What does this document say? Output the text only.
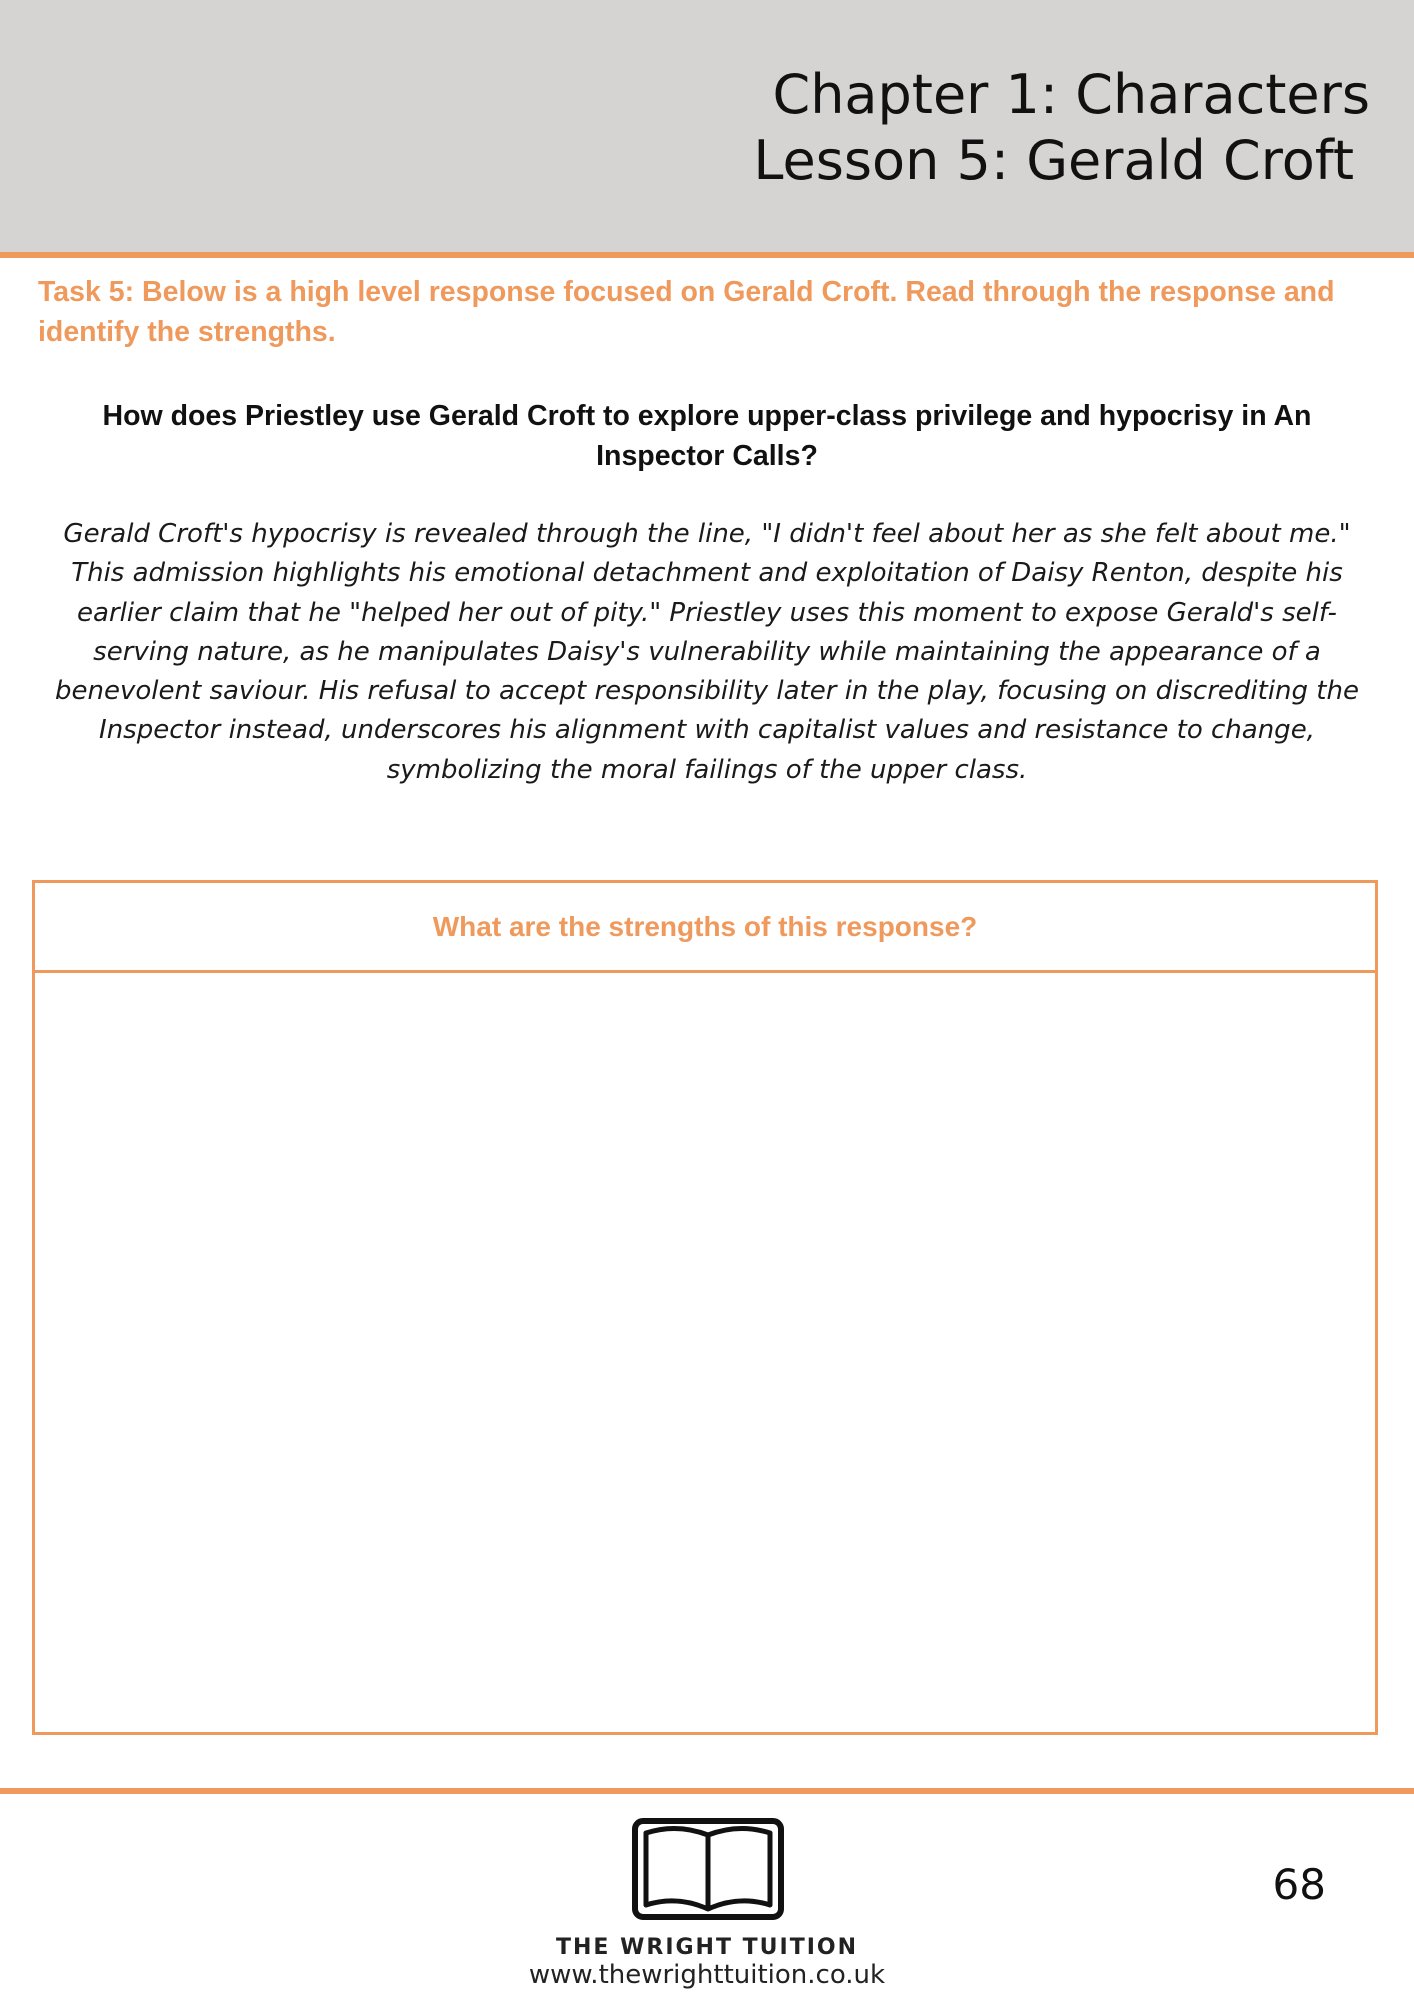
Chapter 1: Characters
Lesson 5: Gerald Croft

Task 5: Below is a high level response focused on Gerald Croft. Read through the response and identify the strengths.

How does Priestley use Gerald Croft to explore upper-class privilege and hypocrisy in An Inspector Calls?

Gerald Croft's hypocrisy is revealed through the line, "I didn't feel about her as she felt about me." This admission highlights his emotional detachment and exploitation of Daisy Renton, despite his earlier claim that he "helped her out of pity." Priestley uses this moment to expose Gerald's self-serving nature, as he manipulates Daisy's vulnerability while maintaining the appearance of a benevolent saviour. His refusal to accept responsibility later in the play, focusing on discrediting the Inspector instead, underscores his alignment with capitalist values and resistance to change, symbolizing the moral failings of the upper class.

What are the strengths of this response?
THE WRIGHT TUITION
www.thewrighttuition.co.uk
68
